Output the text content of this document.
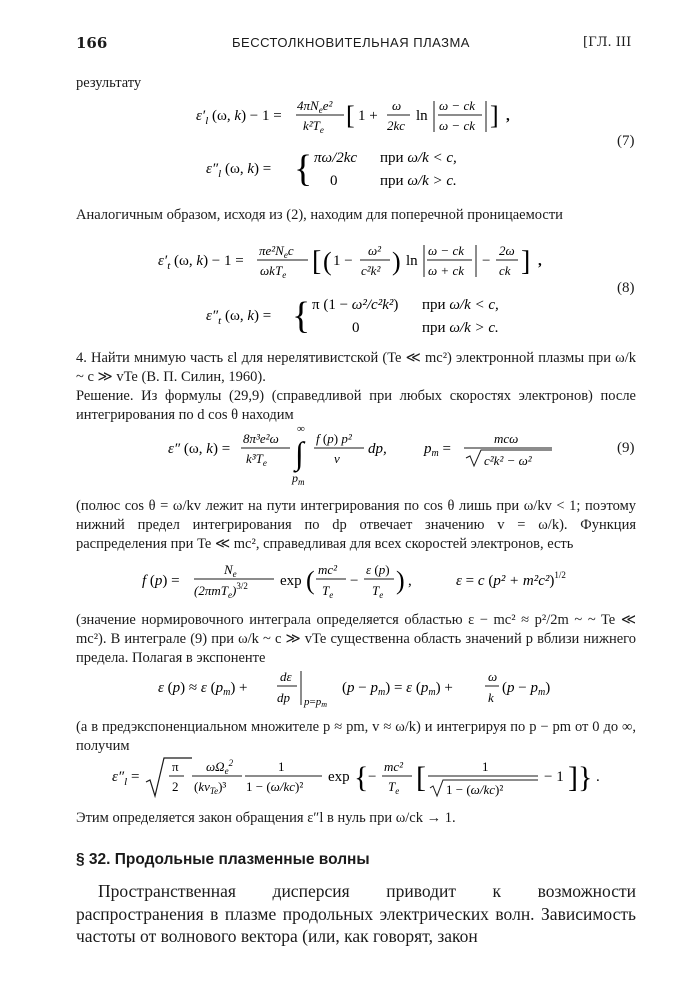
166	БЕССТОЛКНОВИТЕЛЬНАЯ ПЛАЗМА	[ГЛ. III
результату
$\varepsilon'_l$ (ω, k) − 1 =
$4\pi N_ee^2$
$k^2T_e$ [ 1 +
ω
2kc
ln
ω − ck
ω − ck ] ,
(7)
$\varepsilon''_l$ (ω, k) = { πω/2kc
0
при ω/k < c,
при ω/k > c.
Аналогичным образом, исходя из (2), находим для поперечной проницаемости
$\varepsilon'_t$ (ω, k) − 1 =
$\pi e^2N_ec$
ωkT$_e$ [ ( 1 −
ω²
c²k² ) ln
ω − ck
ω + ck
−
2ω
ck ] ,
(8)
$\varepsilon''_t$ (ω, k) = { π (1 − ω²/c²k²)
0
при ω/k < c,
при ω/k > c.
4. Найти мнимую часть εl для нерелятивистской (Te ≪ mc²) электронной плазмы при ω/k ~ c ≫ vTe (В. П. Силин, 1960).
Решение. Из формулы (29,9) (справедливой при любых скоростях электронов) после интегрирования по d cos θ находим
ε″ (ω, k) =
8π³e²ω
$k^3T_e$
∞
∫
$p_m$
f (p) p²
v
dp, $p_m$ =
mcω
c²k² − ω²
(9)
(полюс cos θ = ω/kv лежит на пути интегрирования по cos θ лишь при ω/kv < 1; поэтому нижний предел интегрирования по dp отвечает значению v = ω/k). Функция распределения при Te ≪ mc², справедливая для всех скоростей электронов, есть
f (p) =
$N_e$
$(2\pi mT_e)^{3/2}$ exp ( mc²
$T_e$
−
ε (p)
$T_e$ ) ,	ε = c $(p^2 + m^2c^2)^{1/2}$
(значение нормировочного интеграла определяется областью ε − mc² ≈ p²/2m ~ ~ Te ≪ mc²). В интеграле (9) при ω/k ~ c ≫ vTe существенна область значений p вблизи нижнего предела. Полагая в экспоненте
ε (p) ≈ ε $(p_m)$ +
dε
dp p=pm
$(p - p_m) = \varepsilon$ $(p_m)$ +
ω
k
$(p - p_m)$
(а в предэкспоненциальном множителе p ≈ pm, v ≈ ω/k) и интегрируя по p − pm от 0 до ∞, получим
$\varepsilon''_l$ =
π
2
$\omega\Omega_e^2$
$(kv_{Te})^3$
1
1 − (ω/kc)²
exp { −
mc²
$T_e$ [	1
1 − (ω/kc)²
− 1 ] } .
Этим определяется закон обращения ε″l в нуль при ω/ck → 1.
§ 32. Продольные плазменные волны
Пространственная дисперсия приводит к возможности распространения в плазме продольных электрических волн. Зависимость частоты от волнового вектора (или, как говорят, закон
